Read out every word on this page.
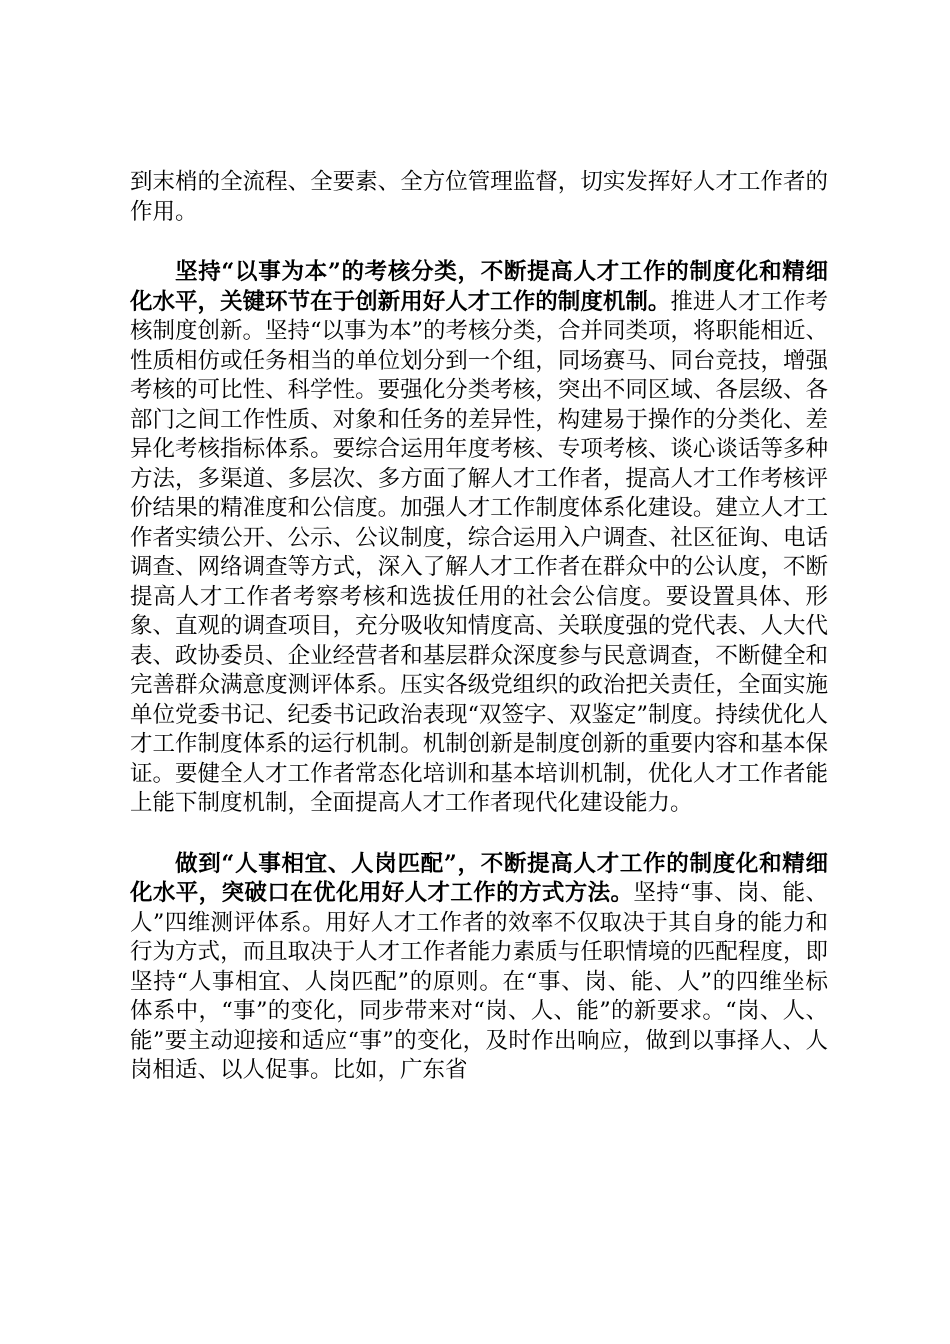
到末梢的全流程、全要素、全方位管理监督，切实发挥好人才工作者的作用。

坚持“以事为本”的考核分类，不断提高人才工作的制度化和精细化水平，关键环节在于创新用好人才工作的制度机制。推进人才工作考核制度创新。坚持“以事为本”的考核分类，合并同类项，将职能相近、性质相仿或任务相当的单位划分到一个组，同场赛马、同台竞技，增强考核的可比性、科学性。要强化分类考核，突出不同区域、各层级、各部门之间工作性质、对象和任务的差异性，构建易于操作的分类化、差异化考核指标体系。要综合运用年度考核、专项考核、谈心谈话等多种方法，多渠道、多层次、多方面了解人才工作者，提高人才工作考核评价结果的精准度和公信度。加强人才工作制度体系化建设。建立人才工作者实绩公开、公示、公议制度，综合运用入户调查、社区征询、电话调查、网络调查等方式，深入了解人才工作者在群众中的公认度，不断提高人才工作者考察考核和选拔任用的社会公信度。要设置具体、形象、直观的调查项目，充分吸收知情度高、关联度强的党代表、人大代表、政协委员、企业经营者和基层群众深度参与民意调查，不断健全和完善群众满意度测评体系。压实各级党组织的政治把关责任，全面实施单位党委书记、纪委书记政治表现“双签字、双鉴定”制度。持续优化人才工作制度体系的运行机制。机制创新是制度创新的重要内容和基本保证。要健全人才工作者常态化培训和基本培训机制，优化人才工作者能上能下制度机制，全面提高人才工作者现代化建设能力。

做到“人事相宜、人岗匹配”，不断提高人才工作的制度化和精细化水平，突破口在优化用好人才工作的方式方法。坚持“事、岗、能、人”四维测评体系。用好人才工作者的效率不仅取决于其自身的能力和行为方式，而且取决于人才工作者能力素质与任职情境的匹配程度，即坚持“人事相宜、人岗匹配”的原则。在“事、岗、能、人”的四维坐标体系中，“事”的变化，同步带来对“岗、人、能”的新要求。“岗、人、能”要主动迎接和适应“事”的变化，及时作出响应，做到以事择人、人岗相适、以人促事。比如，广东省
